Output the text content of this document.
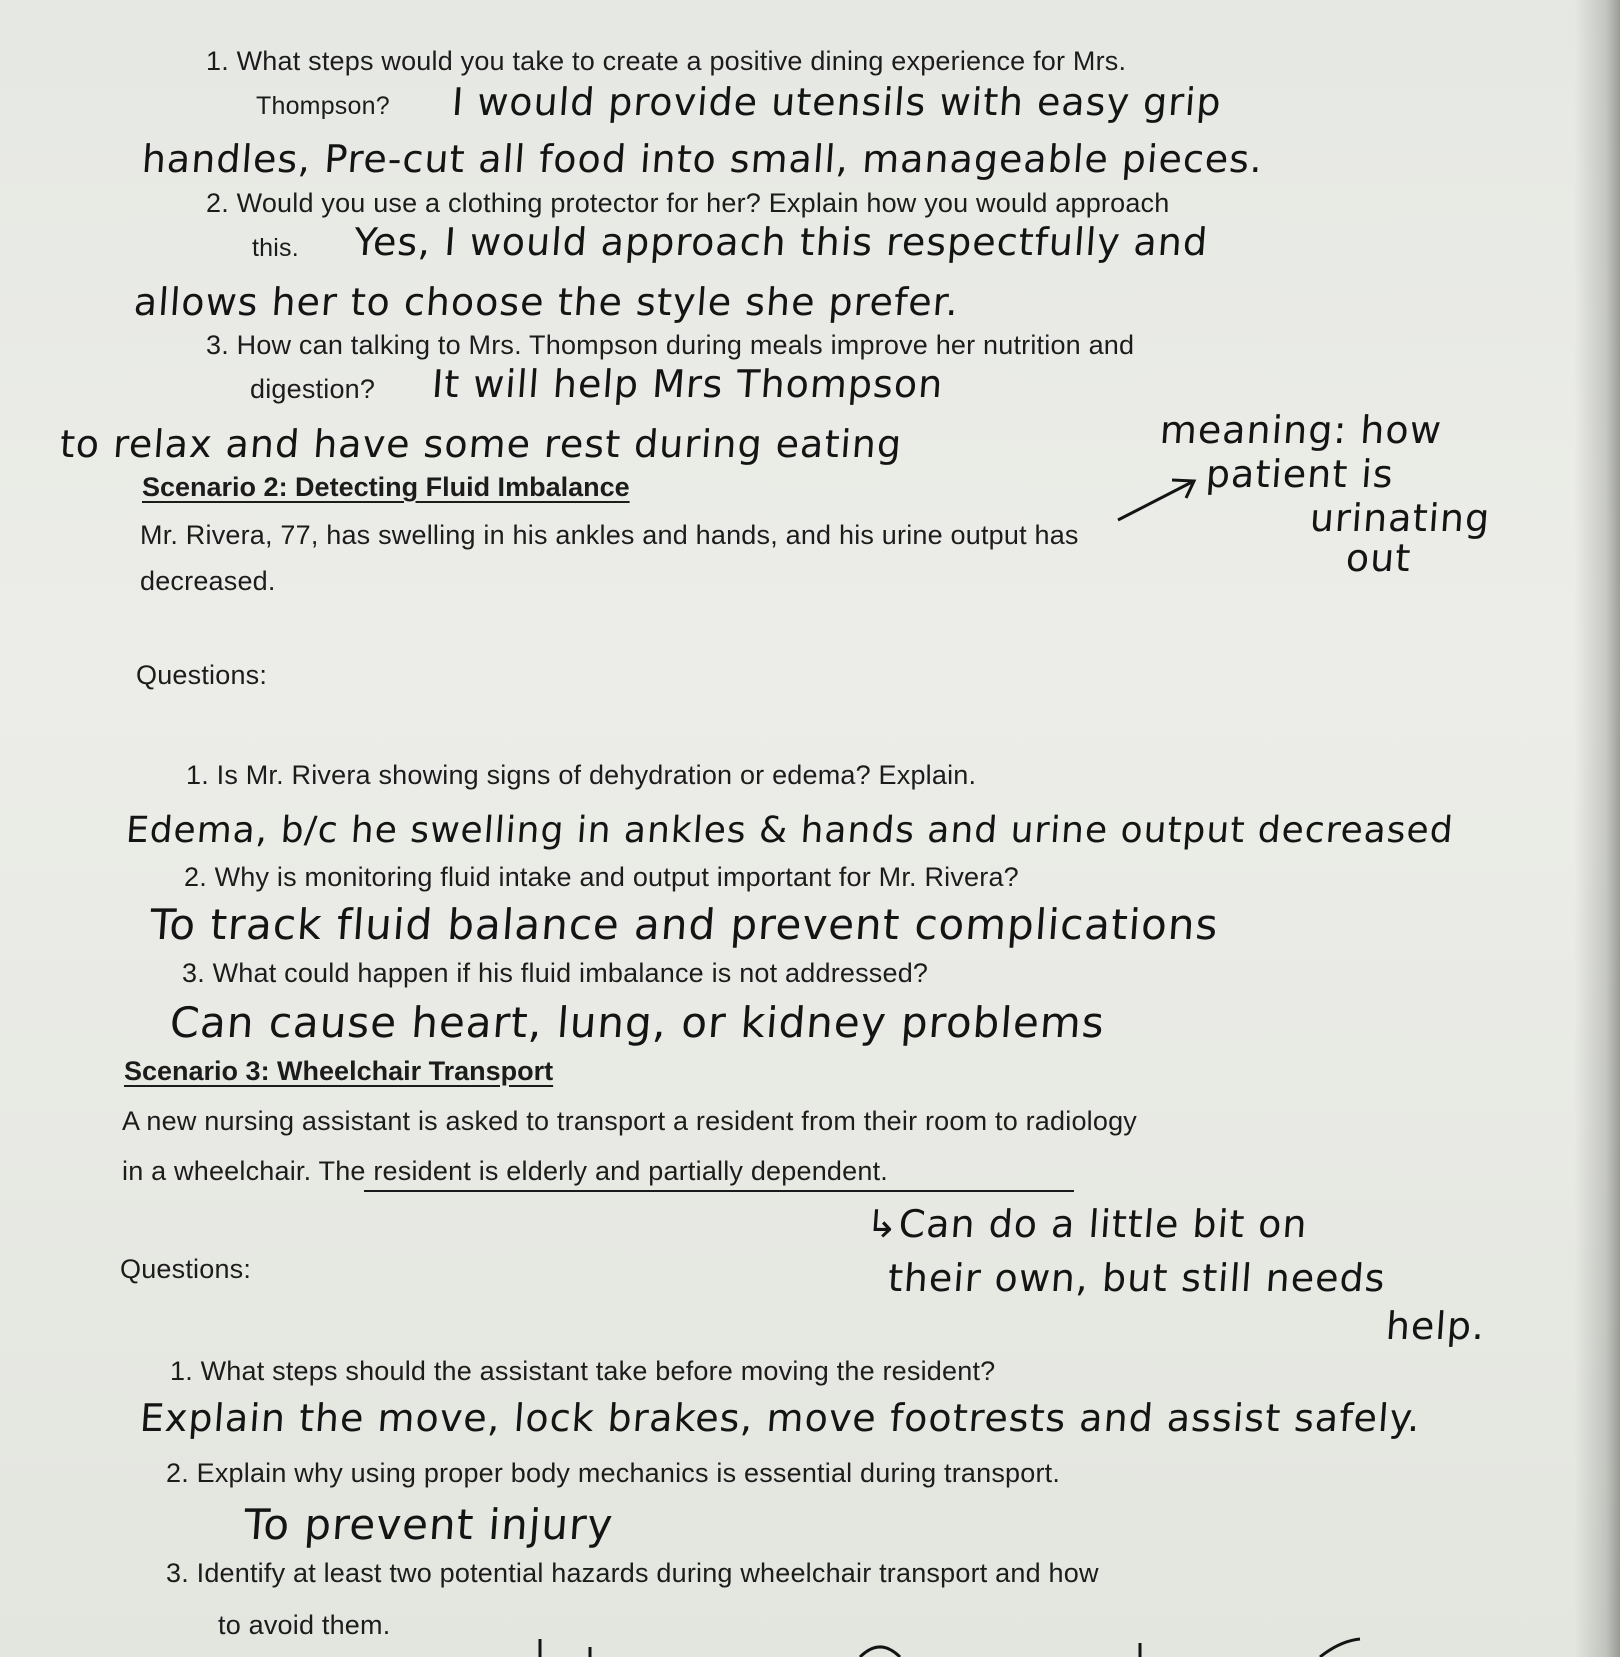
1. What steps would you take to create a positive dining experience for Mrs.
Thompson? I would provide utensils with easy grip
handles, Pre-cut all food into small, manageable pieces.
2. Would you use a clothing protector for her? Explain how you would approach
this. Yes, I would approach this respectfully and
allows her to choose the style she prefer.
3. How can talking to Mrs. Thompson during meals improve her nutrition and
digestion? It will help Mrs Thompson
to relax and have some rest during eating	meaning: how
patient is
urinating
out
Scenario 2: Detecting Fluid Imbalance
Mr. Rivera, 77, has swelling in his ankles and hands, and his urine output has
decreased.
Questions:
1. Is Mr. Rivera showing signs of dehydration or edema? Explain.
Edema, b/c he swelling in ankles & hands and urine output decreased
2. Why is monitoring fluid intake and output important for Mr. Rivera?
To track fluid balance and prevent complications
3. What could happen if his fluid imbalance is not addressed?
Can cause heart, lung, or kidney problems
Scenario 3: Wheelchair Transport
A new nursing assistant is asked to transport a resident from their room to radiology
in a wheelchair. The resident is elderly and partially dependent.
↳Can do a little bit on
their own, but still needs
help.
Questions:
1. What steps should the assistant take before moving the resident?
Explain the move, lock brakes, move footrests and assist safely.
2. Explain why using proper body mechanics is essential during transport.
To prevent injury
3. Identify at least two potential hazards during wheelchair transport and how
to avoid them.
